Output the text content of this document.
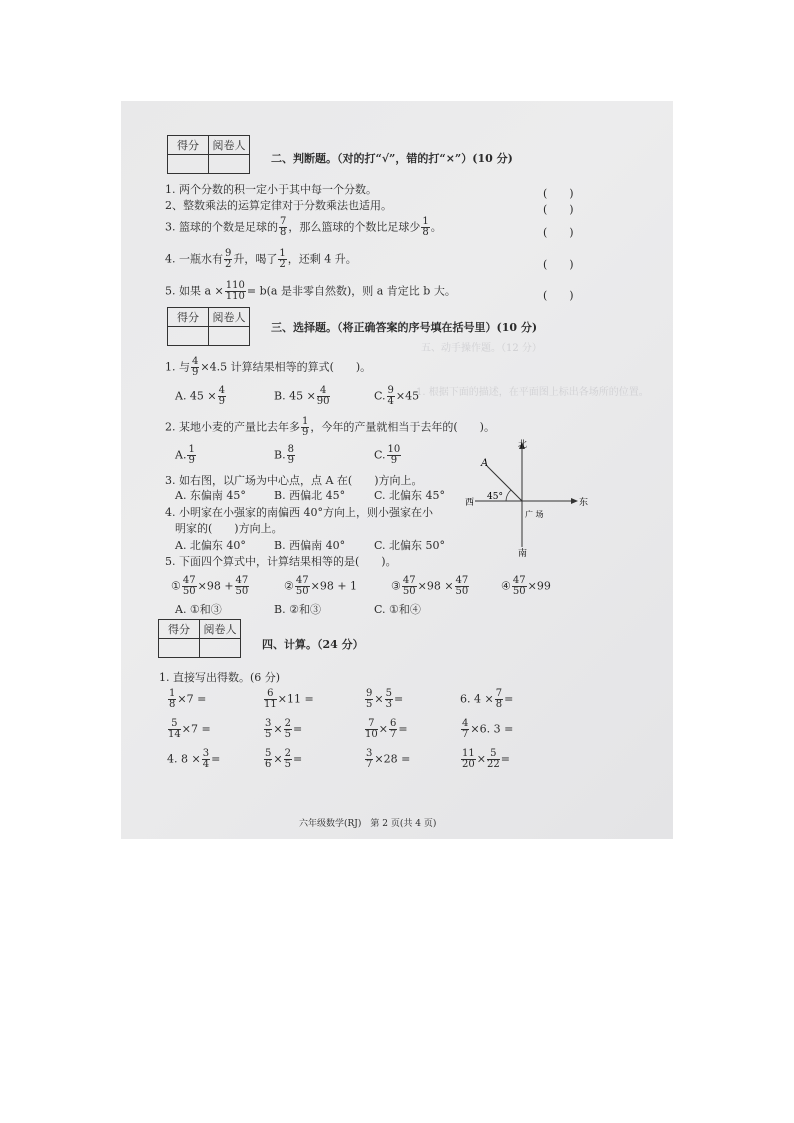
得分	阅卷人

二、判断题。（对的打“√”，错的打“×”）(10 分)
1. 两个分数的积一定小于其中每一个分数。
2、整数乘法的运算定律对于分数乘法也适用。
3. 篮球的个数是足球的 $\frac{7}{8}$ ，那么篮球的个数比足球少 $\frac{1}{8}$ 。
4. 一瓶水有 $\frac{9}{2}$ 升，喝了 $\frac{1}{2}$ ，还剩 4 升。
5. 如果 $a \times \frac{110}{110} = b(a$ 是非零自然数)，则 a 肯定比 b 大。
(　　)
(　　)
(　　)
(　　)
(　　)
得分	阅卷人

三、选择题。（将正确答案的序号填在括号里）(10 分)
1. 与 $\frac{4}{9} \times 4.5$ 计算结果相等的算式(　　)。
A. $45 \times \frac{4}{9}$	B. $45 \times \frac{4}{90}$	C. $\frac{9}{4} \times 45$
2. 某地小麦的产量比去年多 $\frac{1}{9}$ ，今年的产量就相当于去年的(　　)。
A. $\frac{1}{9}$	B. $\frac{8}{9}$	C. $\frac{10}{9}$
3. 如右图，以广场为中心点，点 A 在(　　)方向上。
A. 东偏南 45°	B. 西偏北 45°	C. 北偏东 45°
4. 小明家在小强家的南偏西 40°方向上，则小强家在小
明家的(　　)方向上。
A. 北偏东 40°	B. 西偏南 40°	C. 北偏东 50°
5. 下面四个算式中，计算结果相等的是(　　)。
① $\frac{47}{50} \times 98 + \frac{47}{50}$	② $\frac{47}{50} \times 98 + 1$	③ $\frac{47}{50} \times 98 \times \frac{47}{50}$	④ $\frac{47}{50} \times 99$
A. ①和③	B. ②和③	C. ①和④
北
南
东
西
A
45°
广 场
得分	阅卷人

四、计算。（24 分）
1. 直接写出得数。(6 分)
$\frac{1}{8} \times 7$ =	$\frac{6}{11} \times 11$ =	$\frac{9}{5} \times \frac{5}{3}$ =	6. $4 \times \frac{7}{8}$ =
$\frac{5}{14} \times 7$ =	$\frac{3}{5} \times \frac{2}{5}$ =	$\frac{7}{10} \times \frac{6}{7}$ =	$\frac{4}{7} \times 6$. 3 =
4. $8 \times \frac{3}{4}$ =	$\frac{5}{6} \times \frac{2}{5}$ =	$\frac{3}{7} \times 28$ =	$\frac{11}{20} \times \frac{5}{22}$ =
五、动手操作题。（12 分）
1. 根据下面的描述，在平面图上标出各场所的位置。
六年级数学(RJ)　第 2 页(共 4 页)
